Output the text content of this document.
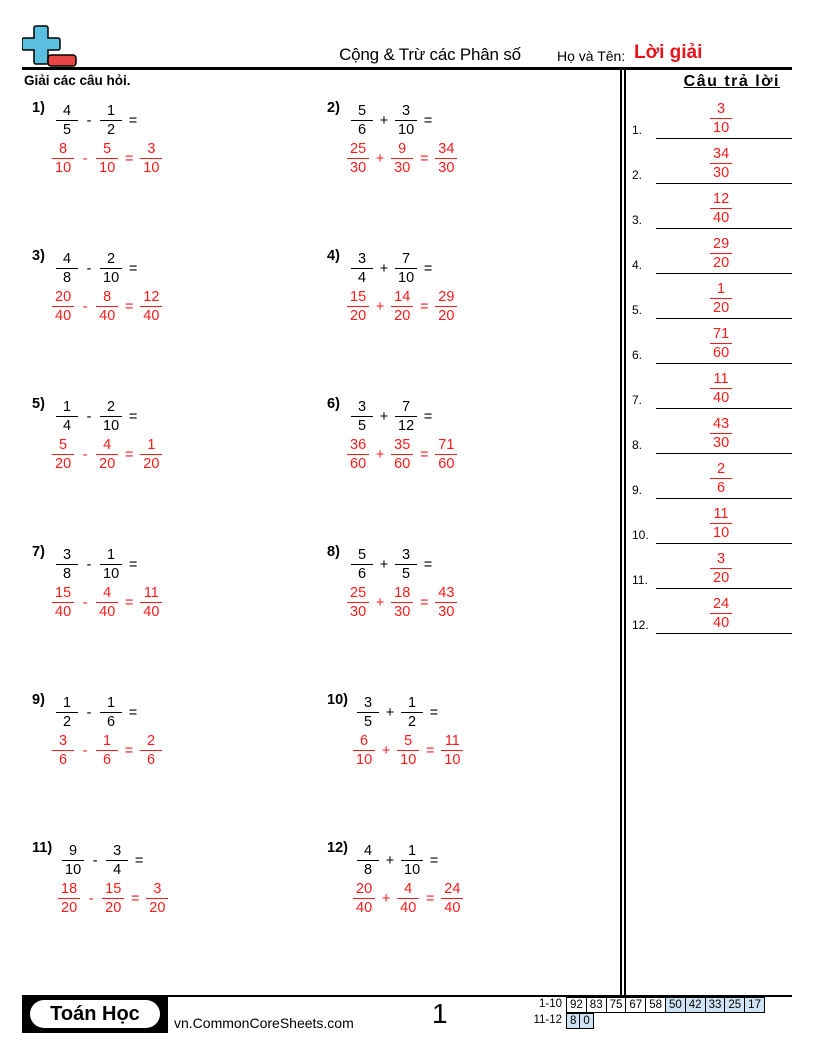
Cộng & Trừ các Phân số	Họ và Tên: Lời giải
Giải các câu hỏi.	Câu trả lời
$1) \frac{4}{5} - \frac{1}{2}$ =
$\frac{8}{10} - \frac{5}{10} = \frac{3}{10}$
$2) \frac{5}{6} + \frac{3}{10}$ =
$\frac{25}{30} + \frac{9}{30} = \frac{34}{30}$
$3) \frac{4}{8} - \frac{2}{10}$ =
$\frac{20}{40} - \frac{8}{40} = \frac{12}{40}$
$4) \frac{3}{4} + \frac{7}{10}$ =
$\frac{15}{20} + \frac{14}{20} = \frac{29}{20}$
$5) \frac{1}{4} - \frac{2}{10}$ =
$\frac{5}{20} - \frac{4}{20} = \frac{1}{20}$
$6) \frac{3}{5} + \frac{7}{12}$ =
$\frac{36}{60} + \frac{35}{60} = \frac{71}{60}$
$7) \frac{3}{8} - \frac{1}{10}$ =
$\frac{15}{40} - \frac{4}{40} = \frac{11}{40}$
$8) \frac{5}{6} + \frac{3}{5}$ =
$\frac{25}{30} + \frac{18}{30} = \frac{43}{30}$
$9) \frac{1}{2} - \frac{1}{6}$ =
$\frac{3}{6} - \frac{1}{6} = \frac{2}{6}$
$10) \frac{3}{5} + \frac{1}{2}$ =
$\frac{6}{10} + \frac{5}{10} = \frac{11}{10}$
$11) \frac{9}{10} - \frac{3}{4}$ =
$\frac{18}{20} - \frac{15}{20} = \frac{3}{20}$
$12) \frac{4}{8} + \frac{1}{10}$ =
$\frac{20}{40} + \frac{4}{40} = \frac{24}{40}$
1.	$\frac{3}{10}$
2.	$\frac{34}{30}$
3.	$\frac{12}{40}$
4.	$\frac{29}{20}$
5.	$\frac{1}{20}$
6.	$\frac{71}{60}$
7.	$\frac{11}{40}$
8.	$\frac{43}{30}$
9.	$\frac{2}{6}$
10.	$\frac{11}{10}$
11.	$\frac{3}{20}$
12.	$\frac{24}{40}$
Toán Học	vn.CommonCoreSheets.com	1	1-10 92	83	75	67	58	50	42	33	25	17
11-12 8	0
